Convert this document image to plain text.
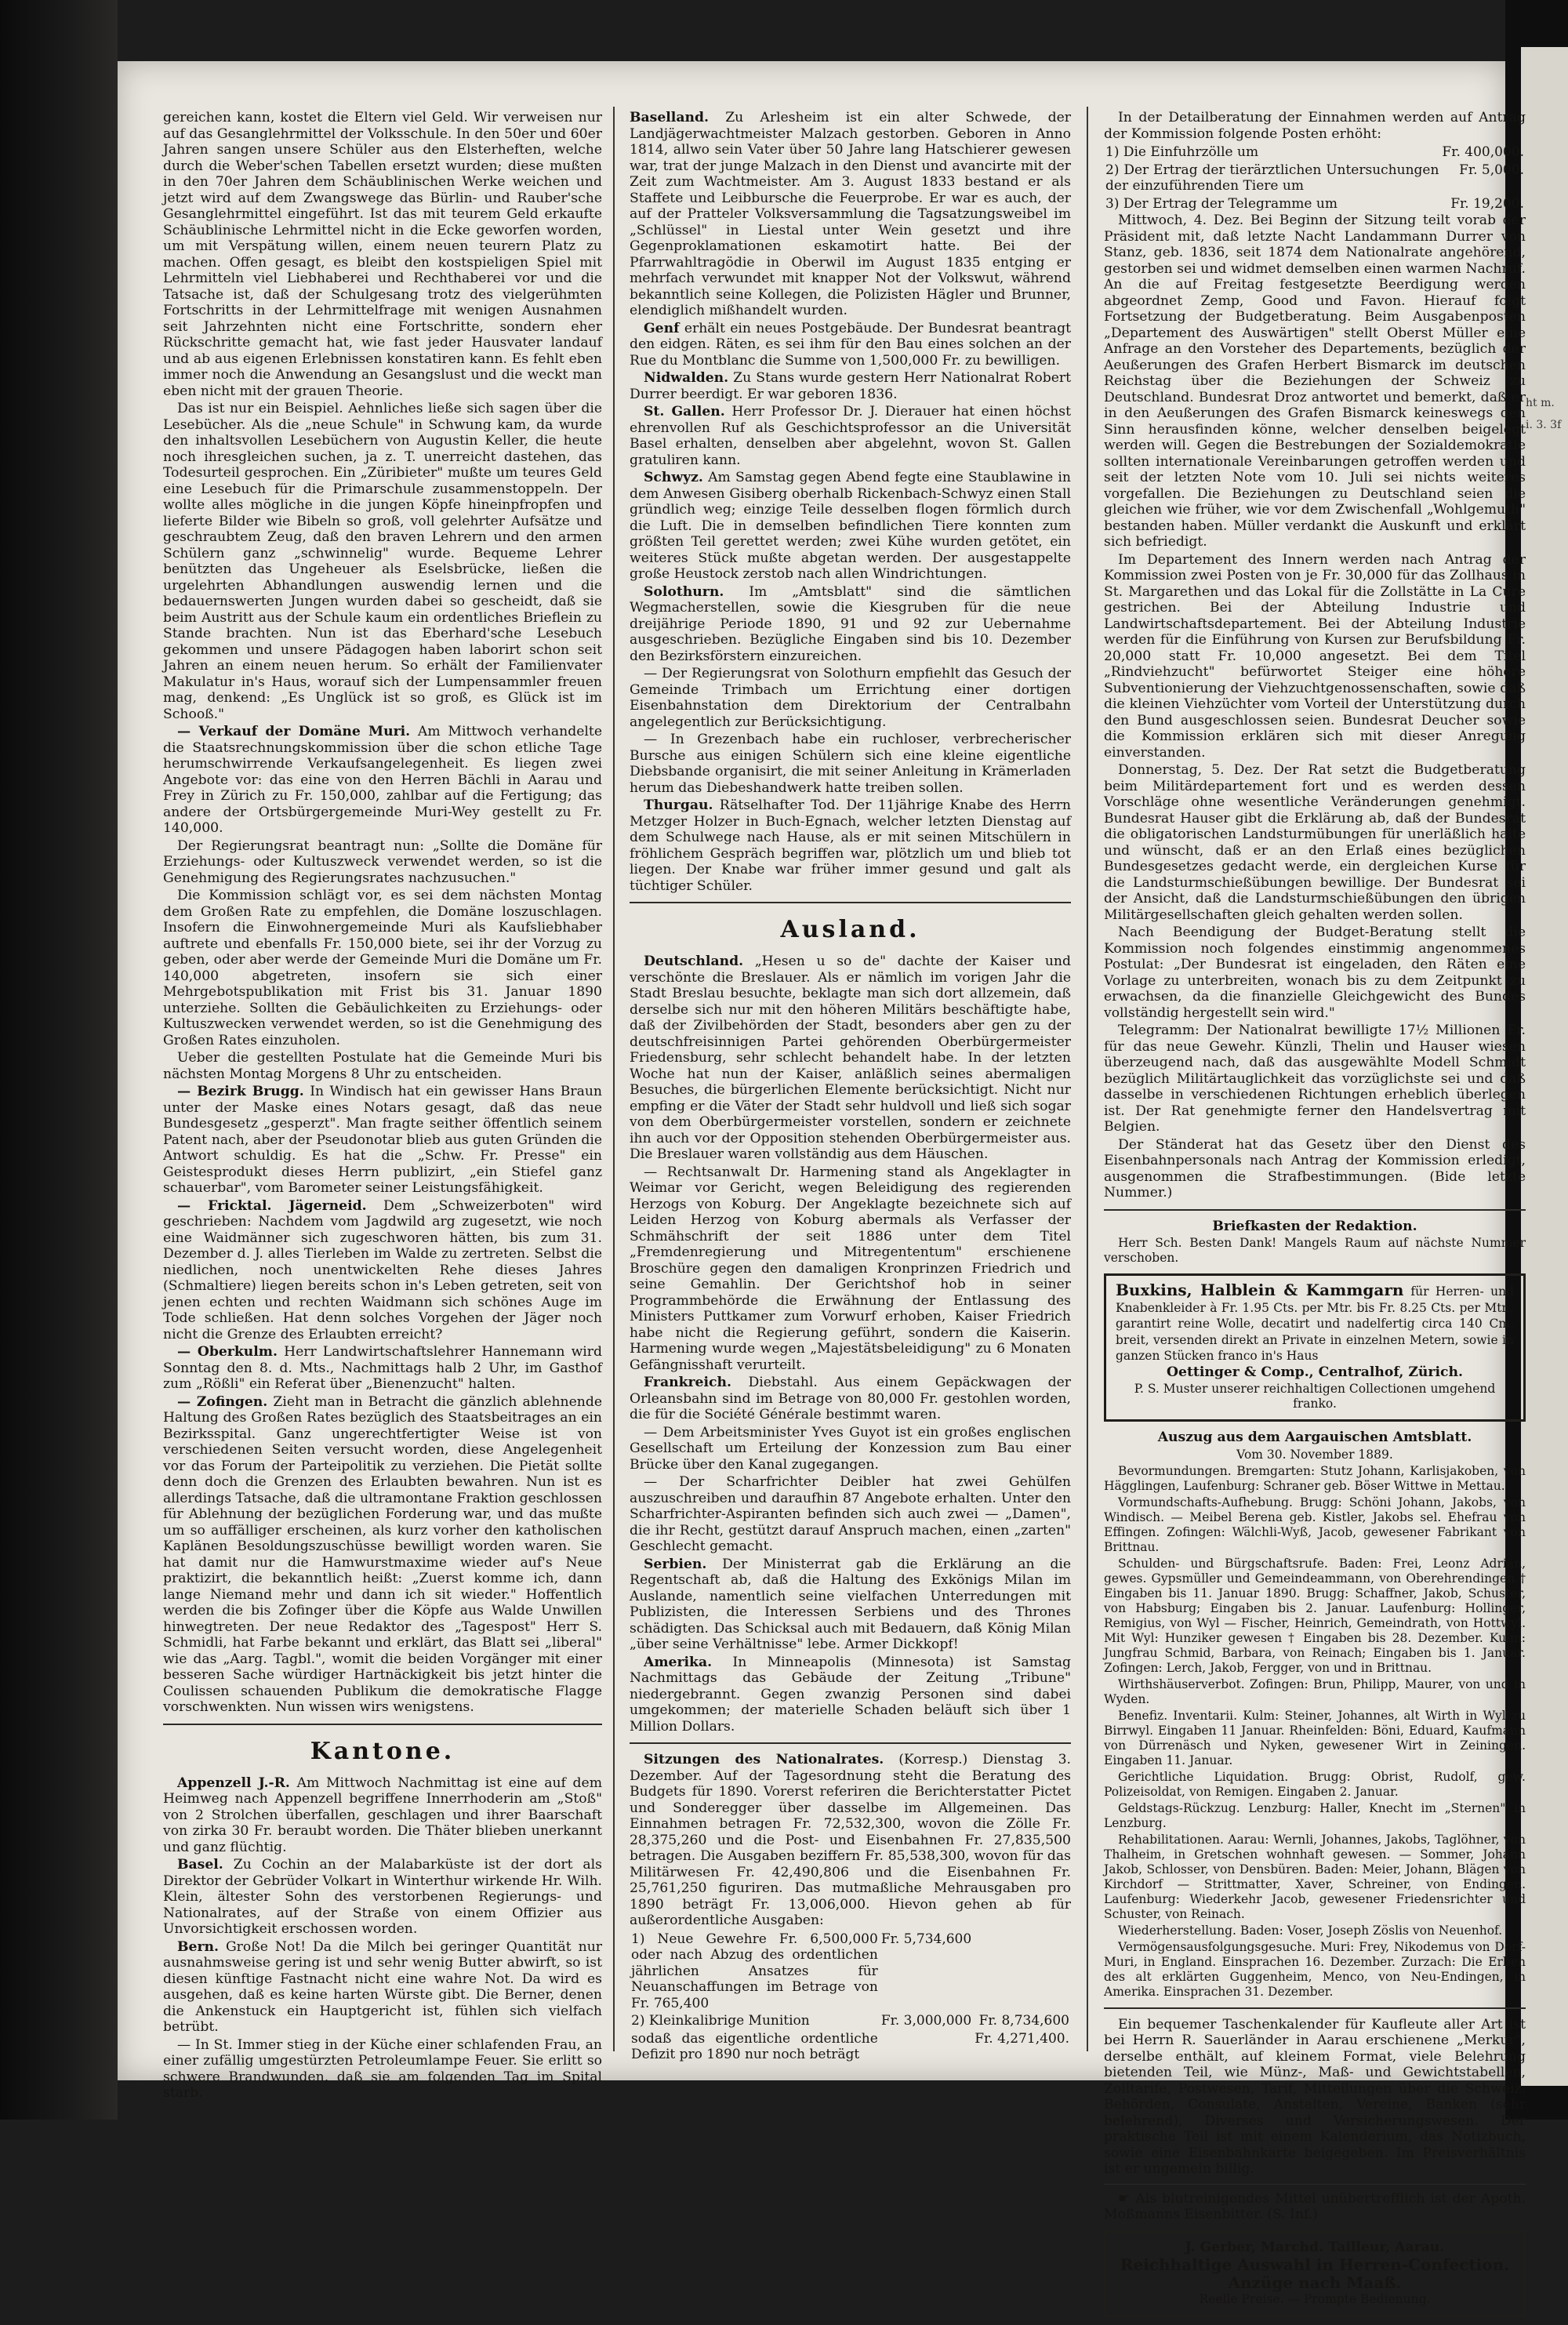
ht m. i. 3. 3f

gereichen kann, kostet die Eltern viel Geld. Wir verweisen nur auf das Gesanglehrmittel der Volksschule. In den 50er und 60er Jahren sangen unsere Schüler aus den Elsterheften, welche durch die Weber'schen Tabellen ersetzt wurden; diese mußten in den 70er Jahren dem Schäublinischen Werke weichen und jetzt wird auf dem Zwangswege das Bürlin- und Rauber'sche Gesanglehrmittel eingeführt. Ist das mit teurem Geld erkaufte Schäublinische Lehrmittel nicht in die Ecke geworfen worden, um mit Verspätung willen, einem neuen teurern Platz zu machen. Offen gesagt, es bleibt den kostspieligen Spiel mit Lehrmitteln viel Liebhaberei und Rechthaberei vor und die Tatsache ist, daß der Schulgesang trotz des vielgerühmten Fortschritts in der Lehrmittelfrage mit wenigen Ausnahmen seit Jahrzehnten nicht eine Fortschritte, sondern eher Rückschritte gemacht hat, wie fast jeder Hausvater landauf und ab aus eigenen Erlebnissen konstatiren kann. Es fehlt eben immer noch die Anwendung an Gesangslust und die weckt man eben nicht mit der grauen Theorie.

Das ist nur ein Beispiel. Aehnliches ließe sich sagen über die Lesebücher. Als die „neue Schule" in Schwung kam, da wurde den inhaltsvollen Lesebüchern von Augustin Keller, die heute noch ihresgleichen suchen, ja z. T. unerreicht dastehen, das Todesurteil gesprochen. Ein „Züribieter" mußte um teures Geld eine Lesebuch für die Primarschule zusammenstoppeln. Der wollte alles mögliche in die jungen Köpfe hineinpfropfen und lieferte Bilder wie Bibeln so groß, voll gelehrter Aufsätze und geschraubtem Zeug, daß den braven Lehrern und den armen Schülern ganz „schwinnelig" wurde. Bequeme Lehrer benützten das Ungeheuer als Eselsbrücke, ließen die urgelehrten Abhandlungen auswendig lernen und die bedauernswerten Jungen wurden dabei so gescheidt, daß sie beim Austritt aus der Schule kaum ein ordentliches Brieflein zu Stande brachten. Nun ist das Eberhard'sche Lesebuch gekommen und unsere Pädagogen haben laborirt schon seit Jahren an einem neuen herum. So erhält der Familienvater Makulatur in's Haus, worauf sich der Lumpensammler freuen mag, denkend: „Es Unglück ist so groß, es Glück ist im Schooß."

— Verkauf der Domäne Muri. Am Mittwoch verhandelte die Staatsrechnungskommission über die schon etliche Tage herumschwirrende Verkaufsangelegenheit. Es liegen zwei Angebote vor: das eine von den Herren Bächli in Aarau und Frey in Zürich zu Fr. 150,000, zahlbar auf die Fertigung; das andere der Ortsbürgergemeinde Muri-Wey gestellt zu Fr. 140,000.

Der Regierungsrat beantragt nun: „Sollte die Domäne für Erziehungs- oder Kultuszweck verwendet werden, so ist die Genehmigung des Regierungsrates nachzusuchen."

Die Kommission schlägt vor, es sei dem nächsten Montag dem Großen Rate zu empfehlen, die Domäne loszuschlagen. Insofern die Einwohnergemeinde Muri als Kaufsliebhaber auftrete und ebenfalls Fr. 150,000 biete, sei ihr der Vorzug zu geben, oder aber werde der Gemeinde Muri die Domäne um Fr. 140,000 abgetreten, insofern sie sich einer Mehrgebotspublikation mit Frist bis 31. Januar 1890 unterziehe. Sollten die Gebäulichkeiten zu Erziehungs- oder Kultuszwecken verwendet werden, so ist die Genehmigung des Großen Rates einzuholen.

Ueber die gestellten Postulate hat die Gemeinde Muri bis nächsten Montag Morgens 8 Uhr zu entscheiden.

— Bezirk Brugg. In Windisch hat ein gewisser Hans Braun unter der Maske eines Notars gesagt, daß das neue Bundesgesetz „gesperzt". Man fragte seither öffentlich seinem Patent nach, aber der Pseudonotar blieb aus guten Gründen die Antwort schuldig. Es hat die „Schw. Fr. Presse" ein Geistesprodukt dieses Herrn publizirt, „ein Stiefel ganz schauerbar", vom Barometer seiner Leistungsfähigkeit.

— Fricktal. Jägerneid. Dem „Schweizerboten" wird geschrieben: Nachdem vom Jagdwild arg zugesetzt, wie noch eine Waidmänner sich zugeschworen hätten, bis zum 31. Dezember d. J. alles Tierleben im Walde zu zertreten. Selbst die niedlichen, noch unentwickelten Rehe dieses Jahres (Schmaltiere) liegen bereits schon in's Leben getreten, seit von jenen echten und rechten Waidmann sich schönes Auge im Tode schließen. Hat denn solches Vorgehen der Jäger noch nicht die Grenze des Erlaubten erreicht?

— Oberkulm. Herr Landwirtschaftslehrer Hannemann wird Sonntag den 8. d. Mts., Nachmittags halb 2 Uhr, im Gasthof zum „Rößli" ein Referat über „Bienenzucht" halten.

— Zofingen. Zieht man in Betracht die gänzlich ablehnende Haltung des Großen Rates bezüglich des Staatsbeitrages an ein Bezirksspital. Ganz ungerechtfertigter Weise ist von verschiedenen Seiten versucht worden, diese Angelegenheit vor das Forum der Parteipolitik zu verziehen. Die Pietät sollte denn doch die Grenzen des Erlaubten bewahren. Nun ist es allerdings Tatsache, daß die ultramontane Fraktion geschlossen für Ablehnung der bezüglichen Forderung war, und das mußte um so auffälliger erscheinen, als kurz vorher den katholischen Kaplänen Besoldungszuschüsse bewilligt worden waren. Sie hat damit nur die Hamwurstmaxime wieder auf's Neue praktizirt, die bekanntlich heißt: „Zuerst komme ich, dann lange Niemand mehr und dann ich sit wieder." Hoffentlich werden die bis Zofinger über die Köpfe aus Walde Unwillen hinwegtreten. Der neue Redaktor des „Tagespost" Herr S. Schmidli, hat Farbe bekannt und erklärt, das Blatt sei „liberal" wie das „Aarg. Tagbl.", womit die beiden Vorgänger mit einer besseren Sache würdiger Hartnäckigkeit bis jetzt hinter die Coulissen schauenden Publikum die demokratische Flagge vorschwenkten. Nun wissen wirs wenigstens.

Kantone.

Appenzell J.-R. Am Mittwoch Nachmittag ist eine auf dem Heimweg nach Appenzell begriffene Innerrhoderin am „Stoß" von 2 Strolchen überfallen, geschlagen und ihrer Baarschaft von zirka 30 Fr. beraubt worden. Die Thäter blieben unerkannt und ganz flüchtig.

Basel. Zu Cochin an der Malabarküste ist der dort als Direktor der Gebrüder Volkart in Winterthur wirkende Hr. Wilh. Klein, ältester Sohn des verstorbenen Regierungs- und Nationalrates, auf der Straße von einem Offizier aus Unvorsichtigkeit erschossen worden.

Bern. Große Not! Da die Milch bei geringer Quantität nur ausnahmsweise gering ist und sehr wenig Butter abwirft, so ist diesen künftige Fastnacht nicht eine wahre Not. Da wird es ausgehen, daß es keine harten Würste gibt. Die Berner, denen die Ankenstuck ein Hauptgericht ist, fühlen sich vielfach betrübt.

— In St. Immer stieg in der Küche einer schlafenden Frau, an einer zufällig umgestürzten Petroleumlampe Feuer. Sie erlitt so schwere Brandwunden, daß sie am folgenden Tag im Spital starb.

Baselland. Zu Arlesheim ist ein alter Schwede, der Landjägerwachtmeister Malzach gestorben. Geboren in Anno 1814, allwo sein Vater über 50 Jahre lang Hatschierer gewesen war, trat der junge Malzach in den Dienst und avancirte mit der Zeit zum Wachtmeister. Am 3. August 1833 bestand er als Staffete und Leibbursche die Feuerprobe. Er war es auch, der auf der Pratteler Volksversammlung die Tagsatzungsweibel im „Schlüssel" in Liestal unter Wein gesetzt und ihre Gegenproklamationen eskamotirt hatte. Bei der Pfarrwahltragödie in Oberwil im August 1835 entging er mehrfach verwundet mit knapper Not der Volkswut, während bekanntlich seine Kollegen, die Polizisten Hägler und Brunner, elendiglich mißhandelt wurden.

Genf erhält ein neues Postgebäude. Der Bundesrat beantragt den eidgen. Räten, es sei ihm für den Bau eines solchen an der Rue du Montblanc die Summe von 1,500,000 Fr. zu bewilligen.

Nidwalden. Zu Stans wurde gestern Herr Nationalrat Robert Durrer beerdigt. Er war geboren 1836.

St. Gallen. Herr Professor Dr. J. Dierauer hat einen höchst ehrenvollen Ruf als Geschichtsprofessor an die Universität Basel erhalten, denselben aber abgelehnt, wovon St. Gallen gratuliren kann.

Schwyz. Am Samstag gegen Abend fegte eine Staublawine in dem Anwesen Gisiberg oberhalb Rickenbach-Schwyz einen Stall gründlich weg; einzige Teile desselben flogen förmlich durch die Luft. Die in demselben befindlichen Tiere konnten zum größten Teil gerettet werden; zwei Kühe wurden getötet, ein weiteres Stück mußte abgetan werden. Der ausgestappelte große Heustock zerstob nach allen Windrichtungen.

Solothurn. Im „Amtsblatt" sind die sämtlichen Wegmacherstellen, sowie die Kiesgruben für die neue dreijährige Periode 1890, 91 und 92 zur Uebernahme ausgeschrieben. Bezügliche Eingaben sind bis 10. Dezember den Bezirksförstern einzureichen.

— Der Regierungsrat von Solothurn empfiehlt das Gesuch der Gemeinde Trimbach um Errichtung einer dortigen Eisenbahnstation dem Direktorium der Centralbahn angelegentlich zur Berücksichtigung.

— In Grezenbach habe ein ruchloser, verbrecherischer Bursche aus einigen Schülern sich eine kleine eigentliche Diebsbande organisirt, die mit seiner Anleitung in Krämerladen herum das Diebeshandwerk hatte treiben sollen.

Thurgau. Rätselhafter Tod. Der 11jährige Knabe des Herrn Metzger Holzer in Buch-Egnach, welcher letzten Dienstag auf dem Schulwege nach Hause, als er mit seinen Mitschülern in fröhlichem Gespräch begriffen war, plötzlich um und blieb tot liegen. Der Knabe war früher immer gesund und galt als tüchtiger Schüler.

Ausland.

Deutschland. „Hesen u so de" dachte der Kaiser und verschönte die Breslauer. Als er nämlich im vorigen Jahr die Stadt Breslau besuchte, beklagte man sich dort allzemein, daß derselbe sich nur mit den höheren Militärs beschäftigte habe, daß der Zivilbehörden der Stadt, besonders aber gen zu der deutschfreisinnigen Partei gehörenden Oberbürgermeister Friedensburg, sehr schlecht behandelt habe. In der letzten Woche hat nun der Kaiser, anläßlich seines abermaligen Besuches, die bürgerlichen Elemente berücksichtigt. Nicht nur empfing er die Väter der Stadt sehr huldvoll und ließ sich sogar von dem Oberbürgermeister vorstellen, sondern er zeichnete ihn auch vor der Opposition stehenden Oberbürgermeister aus. Die Breslauer waren vollständig aus dem Häuschen.

— Rechtsanwalt Dr. Harmening stand als Angeklagter in Weimar vor Gericht, wegen Beleidigung des regierenden Herzogs von Koburg. Der Angeklagte bezeichnete sich auf Leiden Herzog von Koburg abermals als Verfasser der Schmähschrift der seit 1886 unter dem Titel „Fremdenregierung und Mitregententum" erschienene Broschüre gegen den damaligen Kronprinzen Friedrich und seine Gemahlin. Der Gerichtshof hob in seiner Programmbehörde die Erwähnung der Entlassung des Ministers Puttkamer zum Vorwurf erhoben, Kaiser Friedrich habe nicht die Regierung geführt, sondern die Kaiserin. Harmening wurde wegen „Majestätsbeleidigung" zu 6 Monaten Gefängnisshaft verurteilt.

Frankreich. Diebstahl. Aus einem Gepäckwagen der Orleansbahn sind im Betrage von 80,000 Fr. gestohlen worden, die für die Société Générale bestimmt waren.

— Dem Arbeitsminister Yves Guyot ist ein großes englischen Gesellschaft um Erteilung der Konzession zum Bau einer Brücke über den Kanal zugegangen.

— Der Scharfrichter Deibler hat zwei Gehülfen auszuschreiben und daraufhin 87 Angebote erhalten. Unter den Scharfrichter-Aspiranten befinden sich auch zwei — „Damen", die ihr Recht, gestützt darauf Anspruch machen, einen „zarten" Geschlecht gemacht.

Serbien. Der Ministerrat gab die Erklärung an die Regentschaft ab, daß die Haltung des Exkönigs Milan im Auslande, namentlich seine vielfachen Unterredungen mit Publizisten, die Interessen Serbiens und des Thrones schädigten. Das Schicksal auch mit Bedauern, daß König Milan „über seine Verhältnisse" lebe. Armer Dickkopf!

Amerika. In Minneapolis (Minnesota) ist Samstag Nachmittags das Gebäude der Zeitung „Tribune" niedergebrannt. Gegen zwanzig Personen sind dabei umgekommen; der materielle Schaden beläuft sich über 1 Million Dollars.

Sitzungen des Nationalrates. (Korresp.) Dienstag 3. Dezember. Auf der Tagesordnung steht die Beratung des Budgets für 1890. Vorerst referiren die Berichterstatter Pictet und Sonderegger über dasselbe im Allgemeinen. Das Einnahmen betragen Fr. 72,532,300, wovon die Zölle Fr. 28,375,260 und die Post- und Eisenbahnen Fr. 27,835,500 betragen. Die Ausgaben beziffern Fr. 85,538,300, wovon für das Militärwesen Fr. 42,490,806 und die Eisenbahnen Fr. 25,761,250 figuriren. Das mutmaßliche Mehrausgaben pro 1890 beträgt Fr. 13,006,000. Hievon gehen ab für außerordentliche Ausgaben:

1) Neue Gewehre Fr. 6,500,000 oder nach Abzug des ordentlichen jährlichen Ansatzes für Neuanschaffungen im Betrage von Fr. 765,400	Fr. 5,734,600	
2) Kleinkalibrige Munition	Fr. 3,000,000	Fr. 8,734,600
sodaß das eigentliche ordentliche Defizit pro 1890 nur noch beträgt		Fr. 4,271,400.

In der Detailberatung der Einnahmen werden auf Antrag der Kommission folgende Posten erhöht:

1) Die Einfuhrzölle um	Fr. 400,000.
2) Der Ertrag der tierärztlichen Untersuchungen der einzuführenden Tiere um	Fr. 5,000.
3) Der Ertrag der Telegramme um	Fr. 19,200.

Mittwoch, 4. Dez. Bei Beginn der Sitzung teilt vorab der Präsident mit, daß letzte Nacht Landammann Durrer von Stanz, geb. 1836, seit 1874 dem Nationalrate angehörend, gestorben sei und widmet demselben einen warmen Nachruf. An die auf Freitag festgesetzte Beerdigung werden abgeordnet Zemp, Good und Favon. Hierauf folgt Fortsetzung der Budgetberatung. Beim Ausgabenposten „Departement des Auswärtigen" stellt Oberst Müller eine Anfrage an den Vorsteher des Departements, bezüglich der Aeußerungen des Grafen Herbert Bismarck im deutschen Reichstag über die Beziehungen der Schweiz zu Deutschland. Bundesrat Droz antwortet und bemerkt, daß er in den Aeußerungen des Grafen Bismarck keineswegs den Sinn herausfinden könne, welcher denselben beigelegt werden will. Gegen die Bestrebungen der Sozialdemokratie sollten internationale Vereinbarungen getroffen werden und seit der letzten Note vom 10. Juli sei nichts weiteres vorgefallen. Die Beziehungen zu Deutschland seien die gleichen wie früher, wie vor dem Zwischenfall „Wohlgemuth" bestanden haben. Müller verdankt die Auskunft und erklärt sich befriedigt.

Im Departement des Innern werden nach Antrag der Kommission zwei Posten von je Fr. 30,000 für das Zollhaus in St. Margarethen und das Lokal für die Zollstätte in La Cure gestrichen. Bei der Abteilung Industrie und Landwirtschaftsdepartement. Bei der Abteilung Industrie werden für die Einführung von Kursen zur Berufsbildung Fr. 20,000 statt Fr. 10,000 angesetzt. Bei dem Titel „Rindviehzucht" befürwortet Steiger eine höhere Subventionierung der Viehzuchtgenossenschaften, sowie daß die kleinen Viehzüchter vom Vorteil der Unterstützung durch den Bund ausgeschlossen seien. Bundesrat Deucher sowie die Kommission erklären sich mit dieser Anregung einverstanden.

Donnerstag, 5. Dez. Der Rat setzt die Budgetberatung beim Militärdepartement fort und es werden dessen Vorschläge ohne wesentliche Veränderungen genehmigt. Bundesrat Hauser gibt die Erklärung ab, daß der Bundesrat die obligatorischen Landsturmübungen für unerläßlich halte und wünscht, daß er an den Erlaß eines bezüglichen Bundesgesetzes gedacht werde, ein dergleichen Kurse für die Landsturmschießübungen bewillige. Der Bundesrat sei der Ansicht, daß die Landsturmschießübungen den übrigen Militärgesellschaften gleich gehalten werden sollen.

Nach Beendigung der Budget-Beratung stellt die Kommission noch folgendes einstimmig angenommenes Postulat: „Der Bundesrat ist eingeladen, den Räten eine Vorlage zu unterbreiten, wonach bis zu dem Zeitpunkt zu erwachsen, da die finanzielle Gleichgewicht des Bundes vollständig hergestellt sein wird."

Telegramm: Der Nationalrat bewilligte 17½ Millionen Fr. für das neue Gewehr. Künzli, Thelin und Hauser wiesen überzeugend nach, daß das ausgewählte Modell Schmidt bezüglich Militärtauglichkeit das vorzüglichste sei und daß dasselbe in verschiedenen Richtungen erheblich überlegen ist. Der Rat genehmigte ferner den Handelsvertrag mit Belgien.

Der Ständerat hat das Gesetz über den Dienst des Eisenbahnpersonals nach Antrag der Kommission erledigt, ausgenommen die Strafbestimmungen. (Bide letzte Nummer.)

Briefkasten der Redaktion.

Herr Sch. Besten Dank! Mangels Raum auf nächste Nummer verschoben.

Buxkins, Halblein & Kammgarn für Herren- und Knabenkleider à Fr. 1.95 Cts. per Mtr. bis Fr. 8.25 Cts. per Mtr., garantirt reine Wolle, decatirt und nadelfertig circa 140 Cm. breit, versenden direkt an Private in einzelnen Metern, sowie in ganzen Stücken franco in's Haus

Oettinger & Comp., Centralhof, Zürich.

P. S. Muster unserer reichhaltigen Collectionen umgehend franko.

Auszug aus dem Aargauischen Amtsblatt.

Vom 30. November 1889.

Bevormundungen. Bremgarten: Stutz Johann, Karlisjakoben, von Hägglingen, Laufenburg: Schraner geb. Böser Wittwe in Mettau.

Vormundschafts-Aufhebung. Brugg: Schöni Johann, Jakobs, von Windisch. — Meibel Berena geb. Kistler, Jakobs sel. Ehefrau von Effingen. Zofingen: Wälchli-Wyß, Jacob, gewesener Fabrikant von Brittnau.

Schulden- und Bürgschaftsrufe. Baden: Frei, Leonz Adrian, gewes. Gypsmüller und Gemeindeammann, von Oberehrendingen † Eingaben bis 11. Januar 1890. Brugg: Schaffner, Jakob, Schuster, von Habsburg; Eingaben bis 2. Januar. Laufenburg: Hollinger, Remigius, von Wyl — Fischer, Heinrich, Gemeindrath, von Hottwyl. Mit Wyl: Hunziker gewesen † Eingaben bis 28. Dezember. Kulm: Jungfrau Schmid, Barbara, von Reinach; Eingaben bis 1. Januar. Zofingen: Lerch, Jakob, Fergger, von und in Brittnau.

Wirthshäuserverbot. Zofingen: Brun, Philipp, Maurer, von und in Wyden.

Benefiz. Inventarii. Kulm: Steiner, Johannes, alt Wirth in Wyl zu Birrwyl. Eingaben 11 Januar. Rheinfelden: Böni, Eduard, Kaufmann von Dürrenäsch und Nyken, gewesener Wirt in Zeiningen. Eingaben 11. Januar.

Gerichtliche Liquidation. Brugg: Obrist, Rudolf, gew. Polizeisoldat, von Remigen. Eingaben 2. Januar.

Geldstags-Rückzug. Lenzburg: Haller, Knecht im „Sternen" in Lenzburg.

Rehabilitationen. Aarau: Wernli, Johannes, Jakobs, Taglöhner, von Thalheim, in Gretschen wohnhaft gewesen. — Sommer, Johann Jakob, Schlosser, von Densbüren. Baden: Meier, Johann, Blägen von Kirchdorf — Strittmatter, Xaver, Schreiner, von Endingen. Laufenburg: Wiederkehr Jacob, gewesener Friedensrichter und Schuster, von Reinach.

Wiederherstellung. Baden: Voser, Joseph Zöslis von Neuenhof.

Vermögensausfolgungsgesuche. Muri: Frey, Nikodemus von Dorf-Muri, in England. Einsprachen 16. Dezember. Zurzach: Die Erben des alt erklärten Guggenheim, Menco, von Neu-Endingen, in Amerika. Einsprachen 31. Dezember.

Ein bequemer Taschenkalender für Kaufleute aller Art ist bei Herrn R. Sauerländer in Aarau erschienene „Merkur", derselbe enthält, auf kleinem Format, viele Belehrung bietenden Teil, wie Münz-, Maß- und Gewichtstabellen, Zolltarife, Postwesen, Tarif, Mitteilungen über die Schweiz, Behörden, Consulate, Anstalten, Vereine, Banken (sehr belehrend), Diverses und Versicherungswesen. Der praktische Teil ist mit einem Kalenderium, das Notizbuch, sowie eine Eisenbahnkarte beigegeben. Im Preisverhältnis ist er ungemein billig.

☛ Als blutreinigendes Mittel unübertrefflich ist der Apoth. Moßmanns Eisenbitter. (S. Inf.)

J. Gerber, Marchd. Tailleur, Aarau.

Reichhaltige Auswahl in Herren-Confection.

Anzüge nach Maaß.

Reelle Preise. — Prompte Bedienung.
